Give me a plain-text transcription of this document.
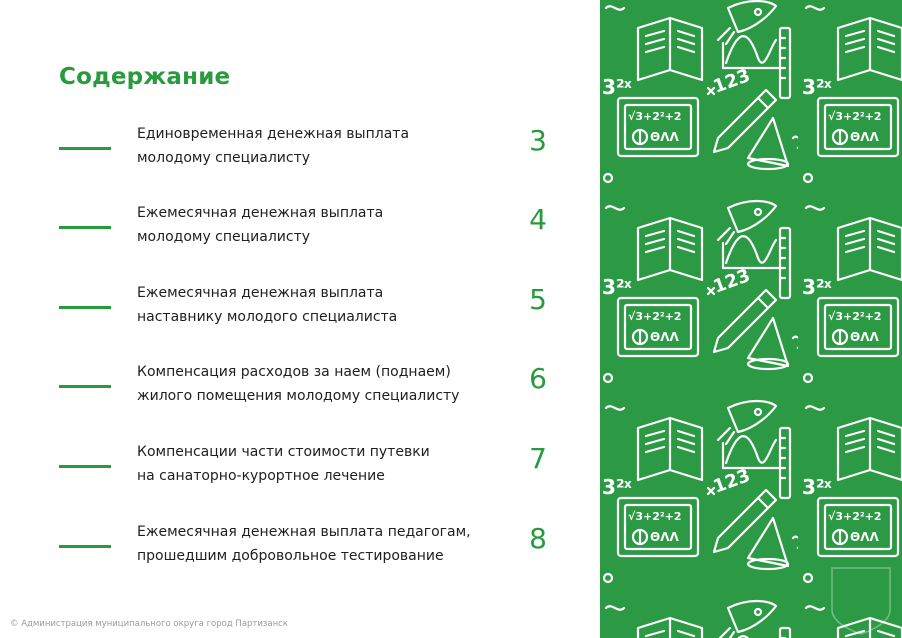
Содержание
Единовременная денежная выплата
молодому специалисту
3
Ежемесячная денежная выплата
молодому специалисту
4
Ежемесячная денежная выплата
наставнику молодого специалиста
5
Компенсация расходов за наем (поднаем)
жилого помещения молодому специалисту
6
Компенсации части стоимости путевки
на санаторно-курортное лечение
7
Ежемесячная денежная выплата педагогам,
прошедшим добровольное тестирование
8
© Администрация муниципального округа город Партизанск
